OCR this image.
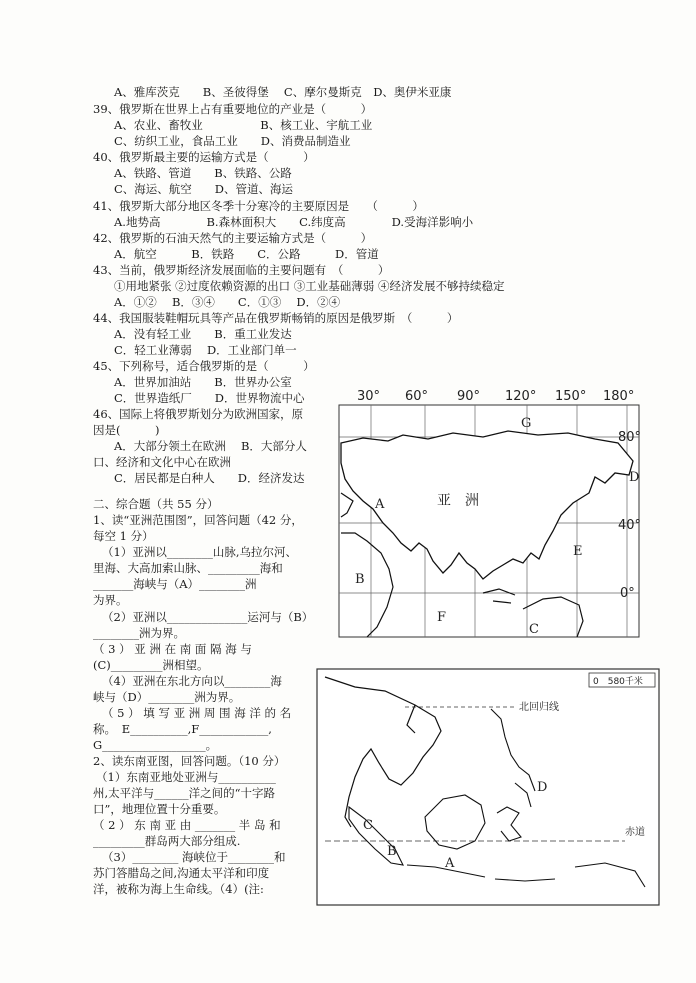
A、雅库茨克　　B、圣彼得堡　 C、摩尔曼斯克　D、奥伊米亚康
39、俄罗斯在世界上占有重要地位的产业是（　　　）
A、农业、畜牧业　　　　　B、核工业、宇航工业
C、纺织工业，食品工业　　D、消费品制造业
40、俄罗斯最主要的运输方式是（　　　）
A、铁路、管道　　B、铁路、公路
C、海运、航空　　D、管道、海运
41、俄罗斯大部分地区冬季十分寒冷的主要原因是　　（　　　）
A.地势高　　　　B.森林面积大　　C.纬度高　　　　D.受海洋影响小
42、俄罗斯的石油天然气的主要运输方式是（　　　）
A．航空　　　B．铁路　　C．公路　　　D．管道
43、当前，俄罗斯经济发展面临的主要问题有　（　　　）
①用地紧张 ②过度依赖资源的出口 ③工业基础薄弱 ④经济发展不够持续稳定
A．①②　 B．③④　　C．①③　 D．②④
44、我国服装鞋帽玩具等产品在俄罗斯畅销的原因是俄罗斯　（　　　）
A．没有轻工业　　B．重工业发达
C．轻工业薄弱　 D．工业部门单一
45、下列称号，适合俄罗斯的是（　　　）
A．世界加油站　　B．世界办公室
C．世界造纸厂　　D．世界物流中心
46、国际上将俄罗斯划分为欧洲国家，原
因是(　　　)
A．大部分领土在欧洲　 B．大部分人
口、经济和文化中心在欧洲
C．居民都是白种人　　D．经济发达
二、综合题（共 55 分）
1、读“亚洲范围图”，回答问题（42 分，
每空 1 分）
（1）亚洲以________山脉,乌拉尔河、
里海、大高加索山脉、_________海和
_______海峡与（A）________洲
为界。
（2）亚洲以______________运河与（B）
________洲为界。
（ 3 ） 亚 洲 在 南 面 隔 海 与
(C)_________洲相望。
（4）亚洲在东北方向以________海
峡与（D）________洲为界。
（ 5 ） 填 写 亚 洲 周 围 海 洋 的 名
称。　E__________,F____________,
G__________________。
2、读东南亚图，回答问题。（10 分）
（1）东南亚地处亚洲与__________
州,太平洋与______洋之间的“十字路
口”，地理位置十分重要。
（ 2 ） 东 南 亚 由 _______ 半 岛 和
_________群岛两大部分组成.
（3）________ 海峡位于________和
苏门答腊岛之间,沟通太平洋和印度
洋，被称为海上生命线。（4）(注:
30° 60° 90° 120° 150° 180°
80°
40°
0°
A
B
C
D
E
F
G
亚　洲
0　580千米
北回归线
赤道
A
B
C
D
